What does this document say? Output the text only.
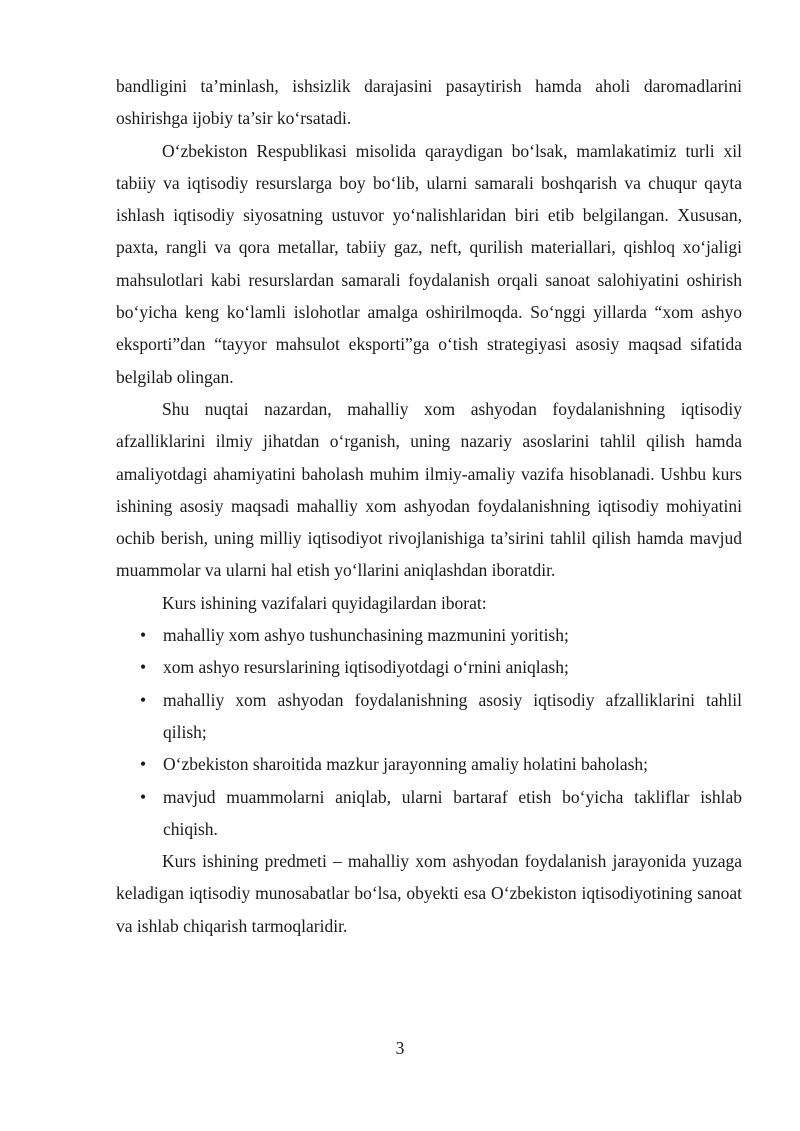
bandligini ta’minlash, ishsizlik darajasini pasaytirish hamda aholi daromadlarini oshirishga ijobiy ta’sir ko‘rsatadi.

O‘zbekiston Respublikasi misolida qaraydigan bo‘lsak, mamlakatimiz turli xil tabiiy va iqtisodiy resurslarga boy bo‘lib, ularni samarali boshqarish va chuqur qayta ishlash iqtisodiy siyosatning ustuvor yo‘nalishlaridan biri etib belgilangan. Xususan, paxta, rangli va qora metallar, tabiiy gaz, neft, qurilish materiallari, qishloq xo‘jaligi mahsulotlari kabi resurslardan samarali foydalanish orqali sanoat salohiyatini oshirish bo‘yicha keng ko‘lamli islohotlar amalga oshirilmoqda. So‘nggi yillarda “xom ashyo eksporti”dan “tayyor mahsulot eksporti”ga o‘tish strategiyasi asosiy maqsad sifatida belgilab olingan.

Shu nuqtai nazardan, mahalliy xom ashyodan foydalanishning iqtisodiy afzalliklarini ilmiy jihatdan o‘rganish, uning nazariy asoslarini tahlil qilish hamda amaliyotdagi ahamiyatini baholash muhim ilmiy-amaliy vazifa hisoblanadi. Ushbu kurs ishining asosiy maqsadi mahalliy xom ashyodan foydalanishning iqtisodiy mohiyatini ochib berish, uning milliy iqtisodiyot rivojlanishiga ta’sirini tahlil qilish hamda mavjud muammolar va ularni hal etish yo‘llarini aniqlashdan iboratdir.

Kurs ishining vazifalari quyidagilardan iborat:

• mahalliy xom ashyo tushunchasining mazmunini yoritish;
• xom ashyo resurslarining iqtisodiyotdagi o‘rnini aniqlash;
• mahalliy xom ashyodan foydalanishning asosiy iqtisodiy afzalliklarini tahlil qilish;
• O‘zbekiston sharoitida mazkur jarayonning amaliy holatini baholash;
• mavjud muammolarni aniqlab, ularni bartaraf etish bo‘yicha takliflar ishlab chiqish.

Kurs ishining predmeti – mahalliy xom ashyodan foydalanish jarayonida yuzaga keladigan iqtisodiy munosabatlar bo‘lsa, obyekti esa O‘zbekiston iqtisodiyotining sanoat va ishlab chiqarish tarmoqlaridir.

3
